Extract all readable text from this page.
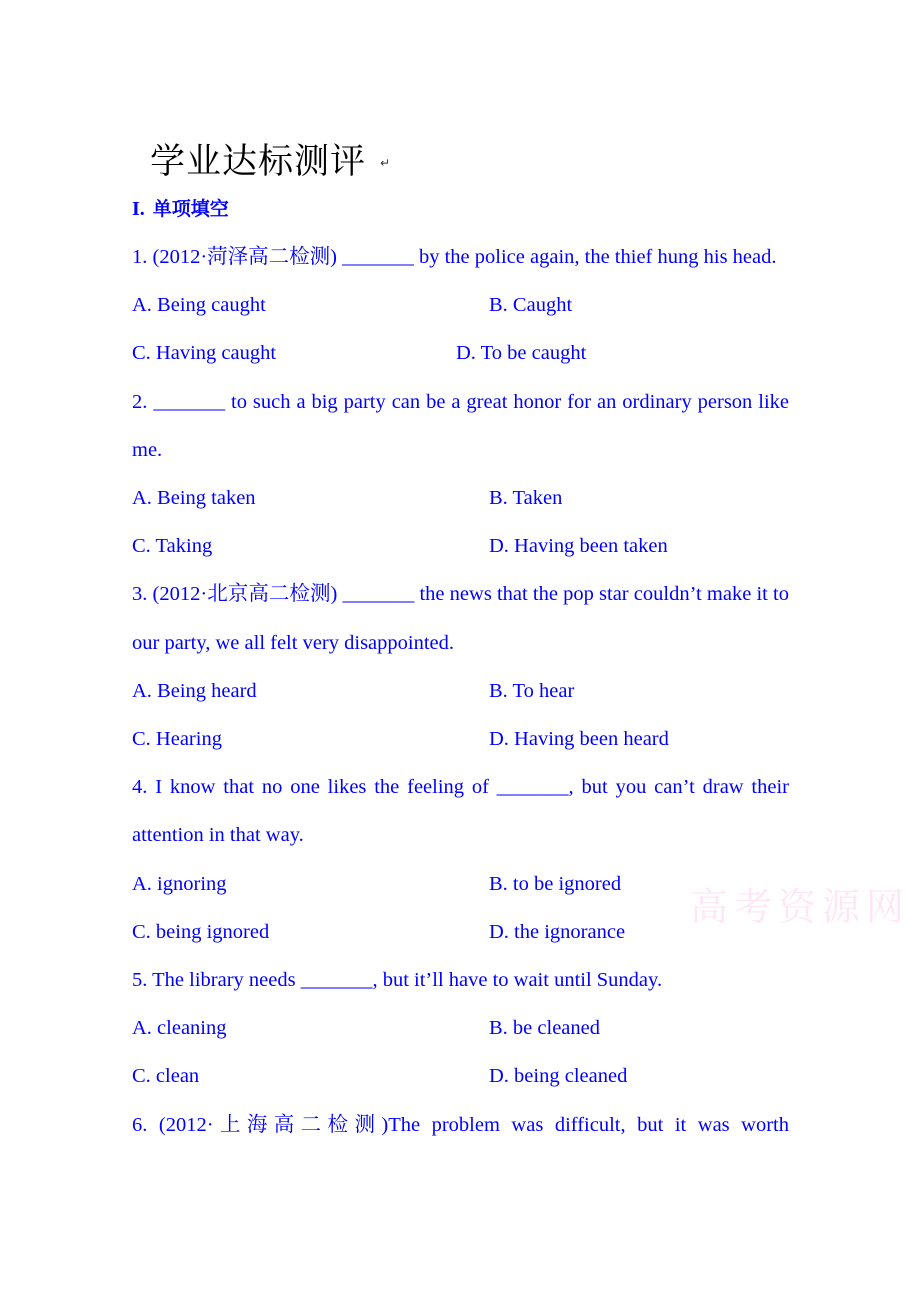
学业达标测评 ↵
I. 单项填空
高考资源网
1. (2012·菏泽高二检测) _______ by the police again, the thief hung his head.
A. Being caught	B. Caught
C. Having caught	D. To be caught
2. _______ to such a big party can be a great honor for an ordinary person like me.
A. Being taken	B. Taken
C. Taking	D. Having been taken
3. (2012·北京高二检测) _______ the news that the pop star couldn’t make it to our party, we all felt very disappointed.
A. Being heard	B. To hear
C. Hearing	D. Having been heard
4. I know that no one likes the feeling of _______, but you can’t draw their attention in that way.
A. ignoring	B. to be ignored
C. being ignored	D. the ignorance
5. The library needs _______, but it’ll have to wait until Sunday.
A. cleaning	B. be cleaned
C. clean	D. being cleaned
6. (2012·上海高二检测)The problem was difficult, but it was worth
